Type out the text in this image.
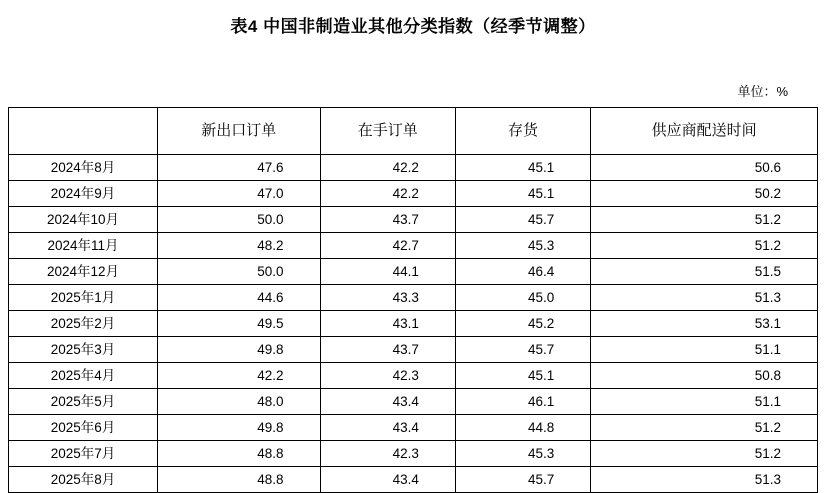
表4 中国非制造业其他分类指数（经季节调整）
单位：%
	新出口订单	在手订单	存货	供应商配送时间
2024年8月	47.6	42.2	45.1	50.6
2024年9月	47.0	42.2	45.1	50.2
2024年10月	50.0	43.7	45.7	51.2
2024年11月	48.2	42.7	45.3	51.2
2024年12月	50.0	44.1	46.4	51.5
2025年1月	44.6	43.3	45.0	51.3
2025年2月	49.5	43.1	45.2	53.1
2025年3月	49.8	43.7	45.7	51.1
2025年4月	42.2	42.3	45.1	50.8
2025年5月	48.0	43.4	46.1	51.1
2025年6月	49.8	43.4	44.8	51.2
2025年7月	48.8	42.3	45.3	51.2
2025年8月	48.8	43.4	45.7	51.3
